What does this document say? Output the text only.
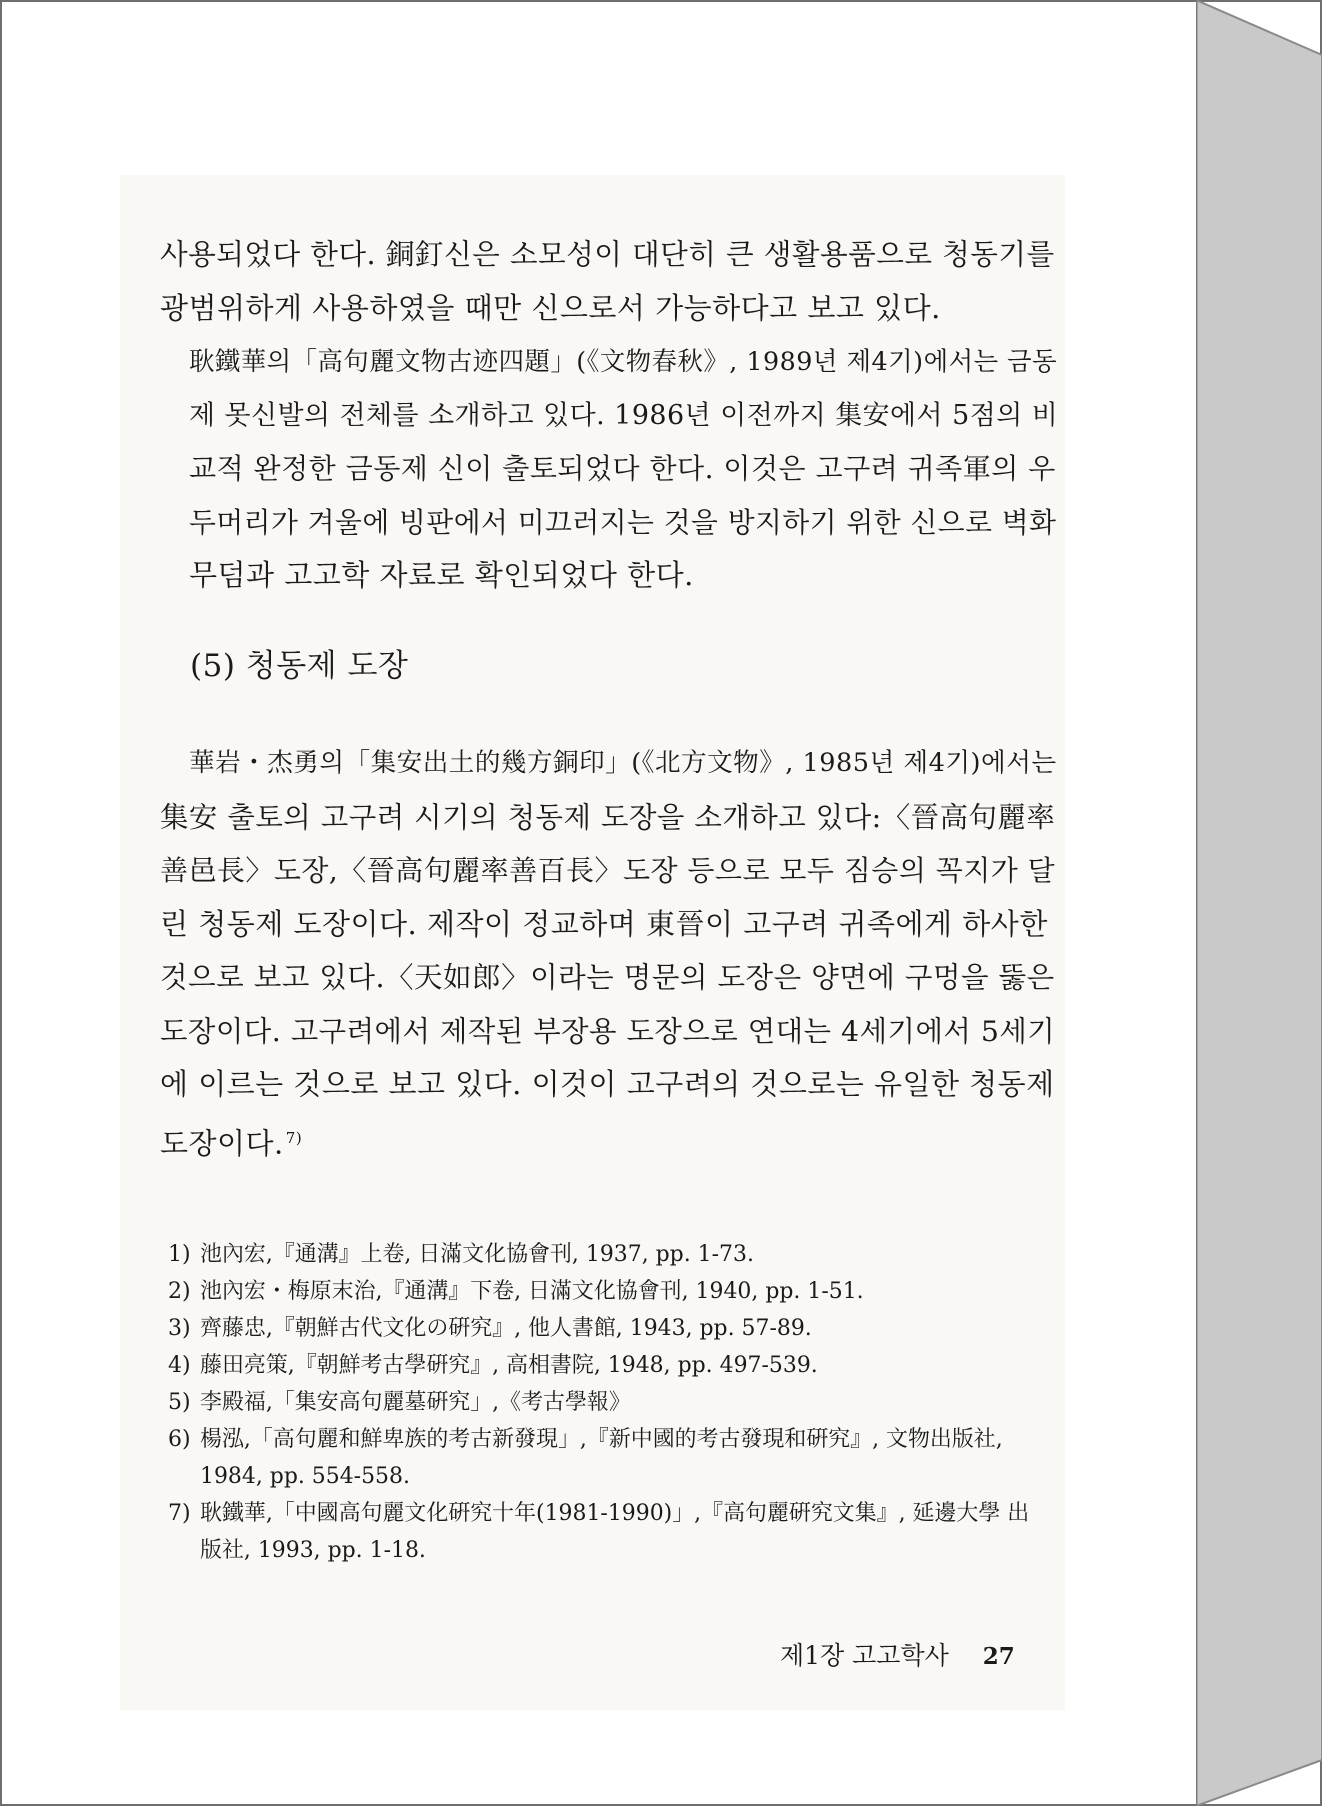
사용되었다 한다. 銅釘신은 소모성이 대단히 큰 생활용품으로 청동기를
광범위하게 사용하였을 때만 신으로서 가능하다고 보고 있다.
耿鐵華의「高句麗文物古迹四題」(《文物春秋》, 1989년 제4기)에서는 금동
제 못신발의 전체를 소개하고 있다. 1986년 이전까지 集安에서 5점의 비
교적 완정한 금동제 신이 출토되었다 한다. 이것은 고구려 귀족軍의 우
두머리가 겨울에 빙판에서 미끄러지는 것을 방지하기 위한 신으로 벽화
무덤과 고고학 자료로 확인되었다 한다.
(5) 청동제 도장
華岩・杰勇의「集安出土的幾方銅印」(《北方文物》, 1985년 제4기)에서는
集安 출토의 고구려 시기의 청동제 도장을 소개하고 있다:〈晉高句麗率
善邑長〉도장,〈晉高句麗率善百長〉도장 등으로 모두 짐승의 꼭지가 달
린 청동제 도장이다. 제작이 정교하며 東晉이 고구려 귀족에게 하사한
것으로 보고 있다.〈天如郎〉이라는 명문의 도장은 양면에 구멍을 뚫은
도장이다. 고구려에서 제작된 부장용 도장으로 연대는 4세기에서 5세기
에 이르는 것으로 보고 있다. 이것이 고구려의 것으로는 유일한 청동제
도장이다. $^{7)}$
1) 池內宏,『通溝』上卷, 日滿文化協會刊, 1937, pp. 1-73.
2) 池內宏・梅原末治,『通溝』下卷, 日滿文化協會刊, 1940, pp. 1-51.
3) 齊藤忠,『朝鮮古代文化の硏究』, 他人書館, 1943, pp. 57-89.
4) 藤田亮策,『朝鮮考古學硏究』, 高相書院, 1948, pp. 497-539.
5) 李殿福,「集安高句麗墓硏究」,《考古學報》
6) 楊泓,「高句麗和鮮卑族的考古新發現」,『新中國的考古發現和硏究』, 文物出版社,
1984, pp. 554-558.
7) 耿鐵華,「中國高句麗文化硏究十年(1981-1990)」,『高句麗硏究文集』, 延邊大學 出
版社, 1993, pp. 1-18.
제1장 고고학사 27
